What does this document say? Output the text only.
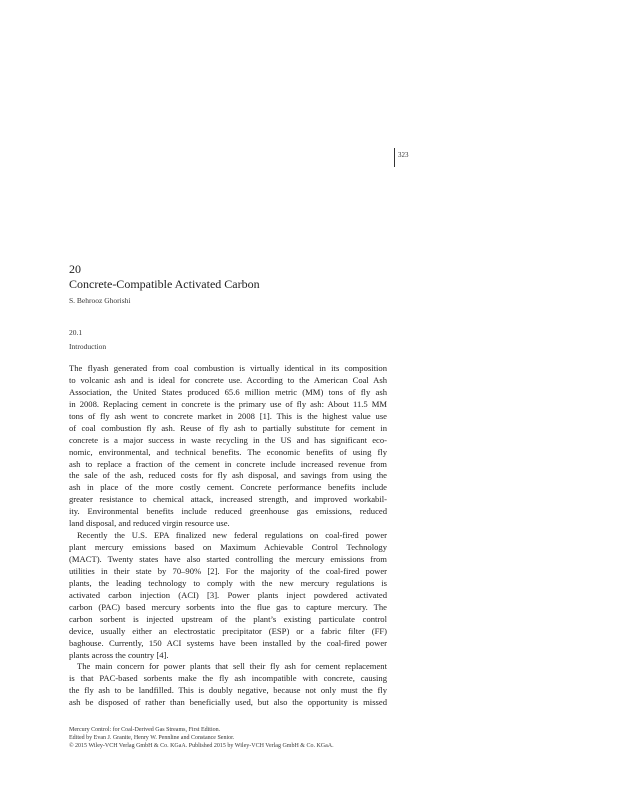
323
20
Concrete-Compatible Activated Carbon
S. Behrooz Ghorishi
20.1
Introduction
The flyash generated from coal combustion is virtually identical in its composition
to volcanic ash and is ideal for concrete use. According to the American Coal Ash
Association, the United States produced 65.6 million metric (MM) tons of fly ash
in 2008. Replacing cement in concrete is the primary use of fly ash: About 11.5 MM
tons of fly ash went to concrete market in 2008 [1]. This is the highest value use
of coal combustion fly ash. Reuse of fly ash to partially substitute for cement in
concrete is a major success in waste recycling in the US and has significant eco-
nomic, environmental, and technical benefits. The economic benefits of using fly
ash to replace a fraction of the cement in concrete include increased revenue from
the sale of the ash, reduced costs for fly ash disposal, and savings from using the
ash in place of the more costly cement. Concrete performance benefits include
greater resistance to chemical attack, increased strength, and improved workabil-
ity. Environmental benefits include reduced greenhouse gas emissions, reduced
land disposal, and reduced virgin resource use.
Recently the U.S. EPA finalized new federal regulations on coal-fired power
plant mercury emissions based on Maximum Achievable Control Technology
(MACT). Twenty states have also started controlling the mercury emissions from
utilities in their state by 70–90% [2]. For the majority of the coal-fired power
plants, the leading technology to comply with the new mercury regulations is
activated carbon injection (ACI) [3]. Power plants inject powdered activated
carbon (PAC) based mercury sorbents into the flue gas to capture mercury. The
carbon sorbent is injected upstream of the plant’s existing particulate control
device, usually either an electrostatic precipitator (ESP) or a fabric filter (FF)
baghouse. Currently, 150 ACI systems have been installed by the coal-fired power
plants across the country [4].
The main concern for power plants that sell their fly ash for cement replacement
is that PAC-based sorbents make the fly ash incompatible with concrete, causing
the fly ash to be landfilled. This is doubly negative, because not only must the fly
ash be disposed of rather than beneficially used, but also the opportunity is missed
Mercury Control: for Coal-Derived Gas Streams, First Edition.
Edited by Evan J. Granite, Henry W. Pennline and Constance Senior.
© 2015 Wiley-VCH Verlag GmbH & Co. KGaA. Published 2015 by Wiley-VCH Verlag GmbH & Co. KGaA.
